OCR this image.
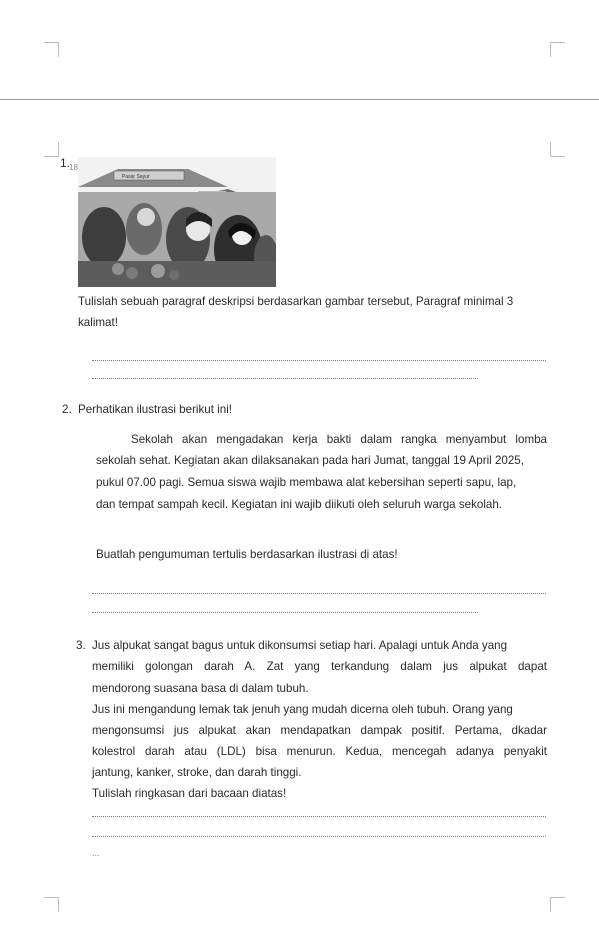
1.
Pasar Sayur
18
Tulislah sebuah paragraf deskripsi berdasarkan gambar tersebut, Paragraf minimal 3
kalimat!
2. Perhatikan ilustrasi berikut ini!
Sekolah akan mengadakan kerja bakti dalam rangka menyambut lomba
sekolah sehat. Kegiatan akan dilaksanakan pada hari Jumat, tanggal 19 April 2025,
pukul 07.00 pagi. Semua siswa wajib membawa alat kebersihan seperti sapu, lap,
dan tempat sampah kecil. Kegiatan ini wajib diikuti oleh seluruh warga sekolah.
Buatlah pengumuman tertulis berdasarkan ilustrasi di atas!
3. Jus alpukat sangat bagus untuk dikonsumsi setiap hari. Apalagi untuk Anda yang
memiliki golongan darah A. Zat yang terkandung dalam jus alpukat dapat
mendorong suasana basa di dalam tubuh.
Jus ini mengandung lemak tak jenuh yang mudah dicerna oleh tubuh. Orang yang
mengonsumsi jus alpukat akan mendapatkan dampak positif. Pertama, dkadar
kolestrol darah atau (LDL) bisa menurun. Kedua, mencegah adanya penyakit
jantung, kanker, stroke, dan darah tinggi.
Tulislah ringkasan dari bacaan diatas!
...
